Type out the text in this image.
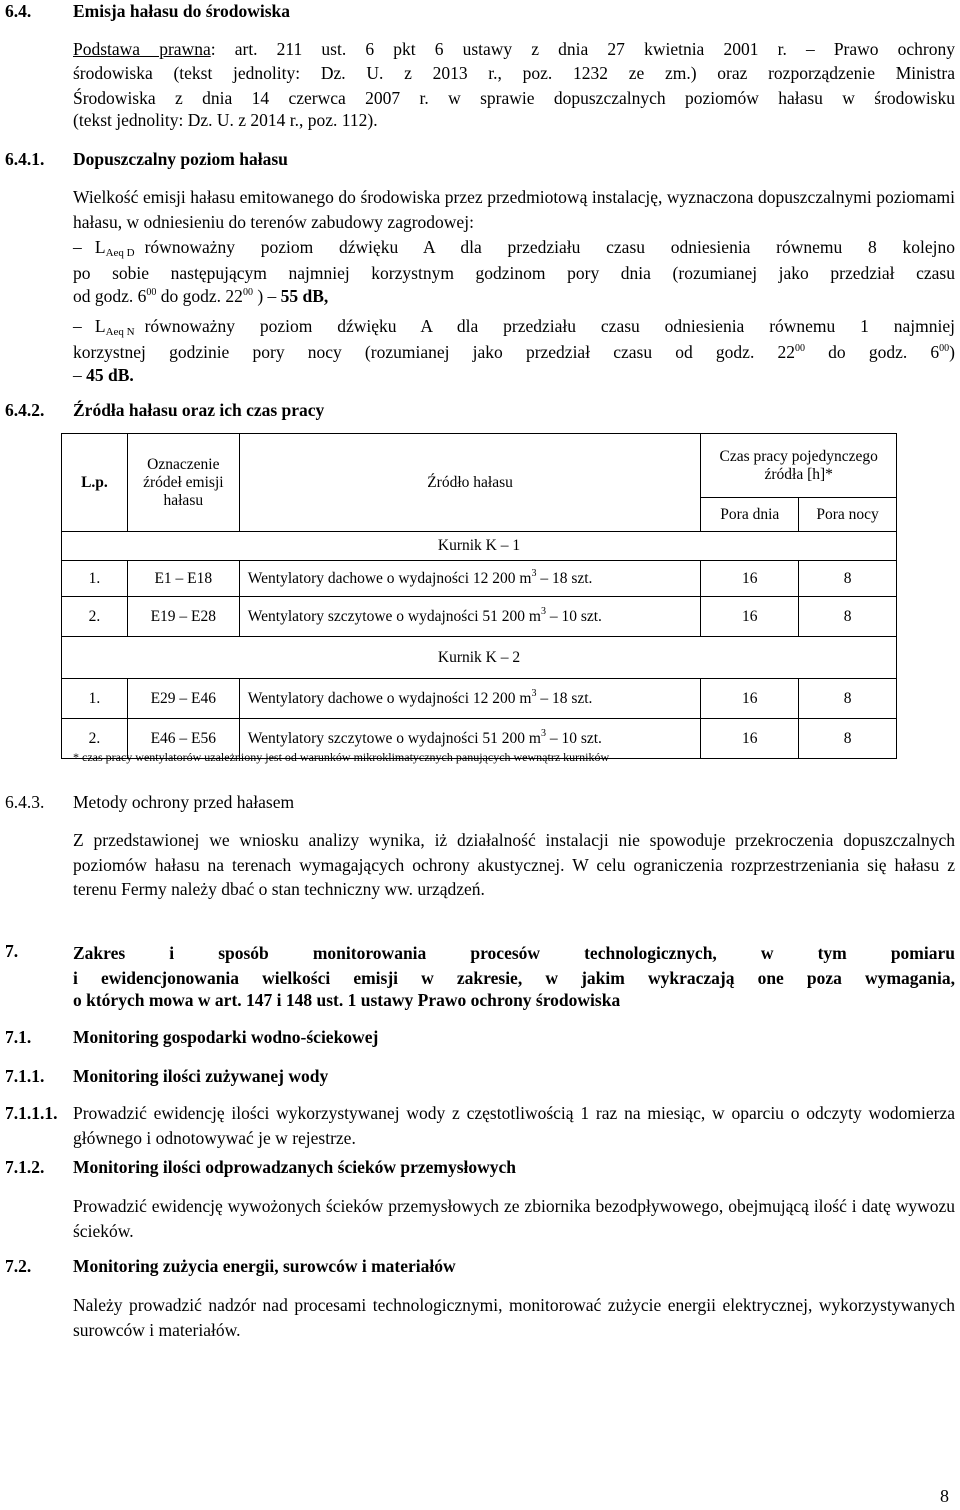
6.4. Emisja hałasu do środowiska
Podstawa prawna: art. 211 ust. 6 pkt 6 ustawy z dnia 27 kwietnia 2001 r. – Prawo ochrony
środowiska (tekst jednolity: Dz. U. z 2013 r., poz. 1232 ze zm.) oraz rozporządzenie Ministra
Środowiska z dnia 14 czerwca 2007 r. w sprawie dopuszczalnych poziomów hałasu w środowisku
(tekst jednolity: Dz. U. z 2014 r., poz. 112).
6.4.1. Dopuszczalny poziom hałasu
Wielkość emisji hałasu emitowanego do środowiska przez przedmiotową instalację, wyznaczona dopuszczalnymi poziomami hałasu, w odniesieniu do terenów zabudowy zagrodowej:
– $L_{Aeq D}$ równoważny poziom dźwięku A dla przedziału czasu odniesienia równemu 8 kolejno
po sobie następującym najmniej korzystnym godzinom pory dnia (rozumianej jako przedział czasu
od godz. $6^{00}$ do godz. $22^{00}$ ) – 55 dB,
– $L_{Aeq N}$ równoważny poziom dźwięku A dla przedziału czasu odniesienia równemu 1 najmniej
korzystnej godzinie pory nocy (rozumianej jako przedział czasu od godz. $22^{00}$ do godz. $6^{00}$)
– 45 dB.
6.4.2. Źródła hałasu oraz ich czas pracy
L.p.	Oznaczenie źródeł emisji hałasu	Źródło hałasu	Czas pracy pojedynczego źródła [h]*	
			Pora dnia	Pora nocy
Kurnik K – 1				
1.	E1 – E18	Wentylatory dachowe o wydajności 12 200 $m^3 - 18$ szt.	16	8
2.	E19 – E28	Wentylatory szczytowe o wydajności 51 200 $m^3 - 10$ szt.	16	8
Kurnik K – 2				
1.	E29 – E46	Wentylatory dachowe o wydajności 12 200 $m^3 - 18$ szt.	16	8
2.	E46 – E56	Wentylatory szczytowe o wydajności 51 200 $m^3 - 10$ szt.	16	8
* czas pracy wentylatorów uzależniony jest od warunków mikroklimatycznych panujących wewnątrz kurników
6.4.3. Metody ochrony przed hałasem
Z przedstawionej we wniosku analizy wynika, iż działalność instalacji nie spowoduje przekroczenia dopuszczalnych poziomów hałasu na terenach wymagających ochrony akustycznej. W celu ograniczenia rozprzestrzeniania się hałasu z terenu Fermy należy dbać o stan techniczny ww. urządzeń.
7.	Zakres i sposób monitorowania procesów technologicznych, w tym pomiaru
i ewidencjonowania wielkości emisji w zakresie, w jakim wykraczają one poza wymagania,
o których mowa w art. 147 i 148 ust. 1 ustawy Prawo ochrony środowiska
7.1. Monitoring gospodarki wodno-ściekowej
7.1.1. Monitoring ilości zużywanej wody
7.1.1.1. Prowadzić ewidencję ilości wykorzystywanej wody z częstotliwością 1 raz na miesiąc, w oparciu o odczyty wodomierza głównego i odnotowywać je w rejestrze.
7.1.2. Monitoring ilości odprowadzanych ścieków przemysłowych
Prowadzić ewidencję wywożonych ścieków przemysłowych ze zbiornika bezodpływowego, obejmującą ilość i datę wywozu ścieków.
7.2. Monitoring zużycia energii, surowców i materiałów
Należy prowadzić nadzór nad procesami technologicznymi, monitorować zużycie energii elektrycznej, wykorzystywanych surowców i materiałów.
8
